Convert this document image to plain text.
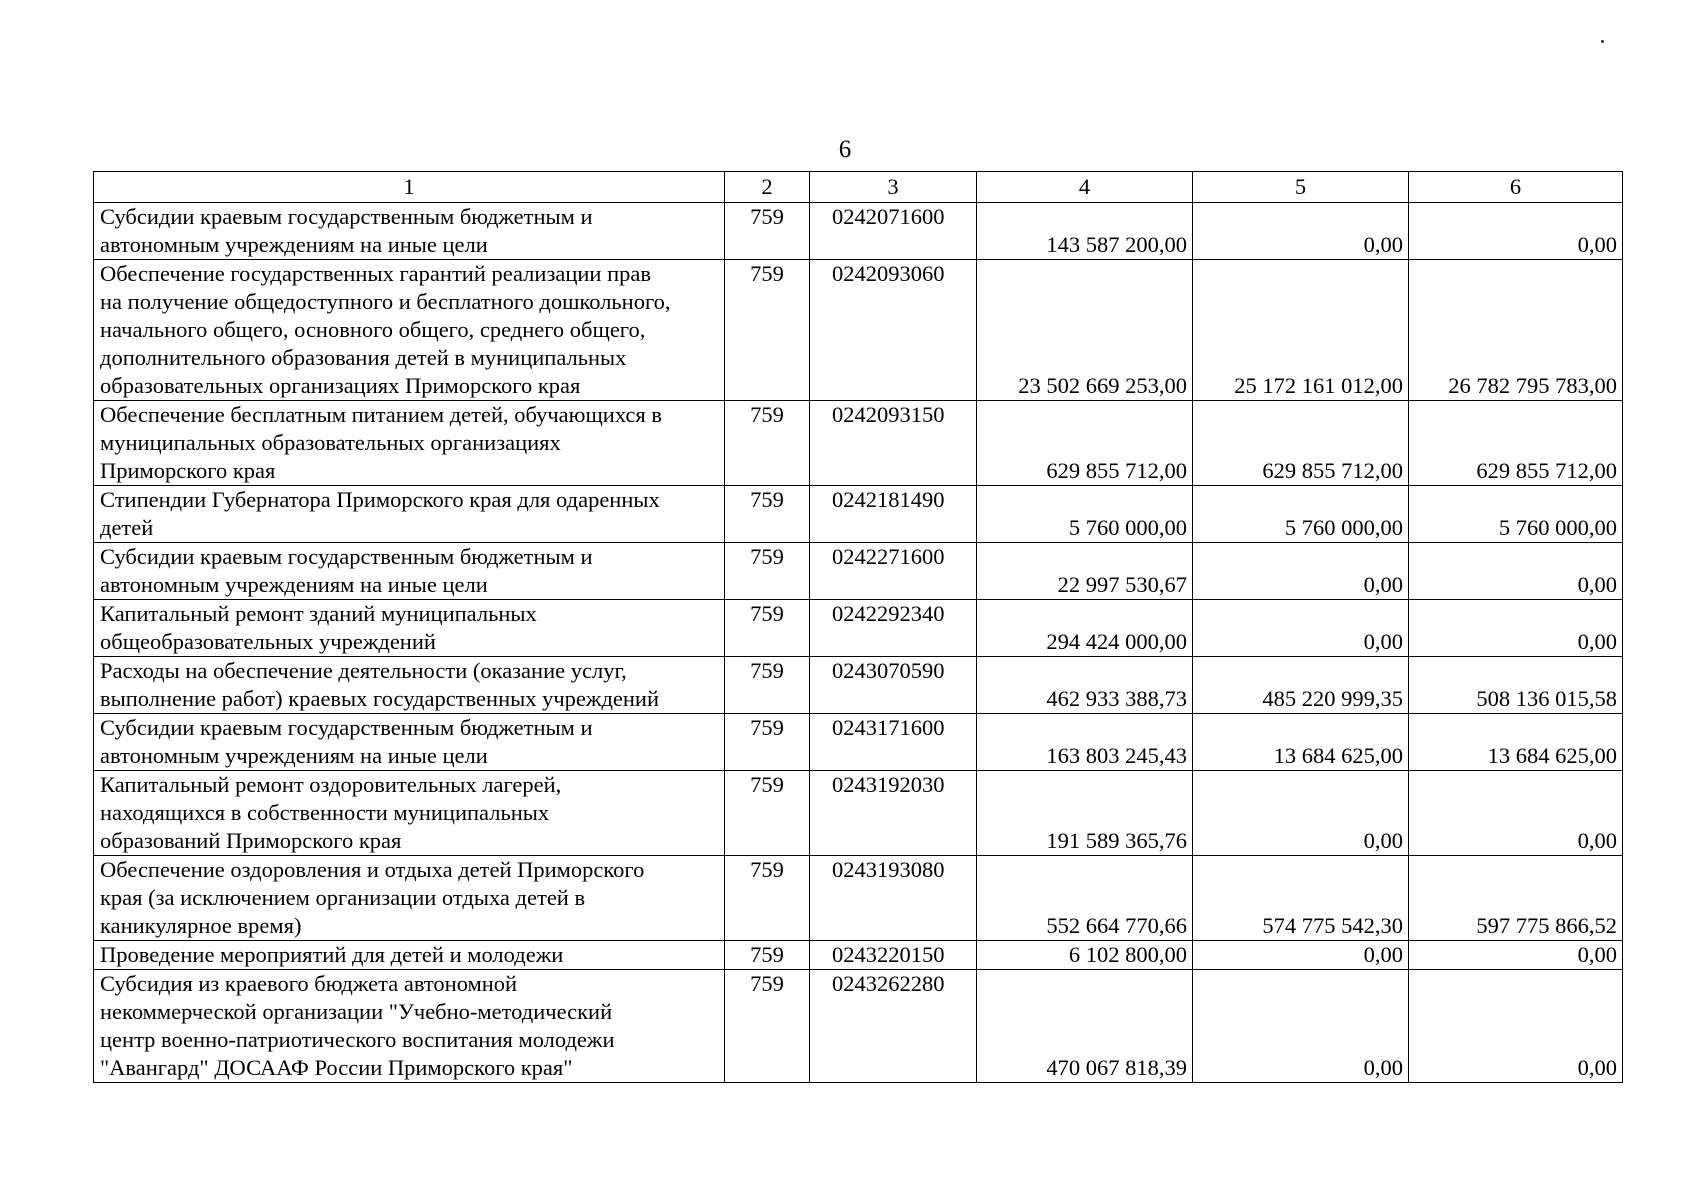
6
1	2	3	4	5	6

Субсидии краевым государственным бюджетным и
автономным учреждениям на иные цели	759	0242071600	143 587 200,00	0,00	0,00

Обеспечение государственных гарантий реализации прав
на получение общедоступного и бесплатного дошкольного,
начального общего, основного общего, среднего общего,
дополнительного образования детей в муниципальных
образовательных организациях Приморского края	759	0242093060	23 502 669 253,00	25 172 161 012,00	26 782 795 783,00

Обеспечение бесплатным питанием детей, обучающихся в
муниципальных образовательных организациях
Приморского края	759	0242093150	629 855 712,00	629 855 712,00	629 855 712,00

Стипендии Губернатора Приморского края для одаренных
детей	759	0242181490	5 760 000,00	5 760 000,00	5 760 000,00

Субсидии краевым государственным бюджетным и
автономным учреждениям на иные цели	759	0242271600	22 997 530,67	0,00	0,00

Капитальный ремонт зданий муниципальных
общеобразовательных учреждений	759	0242292340	294 424 000,00	0,00	0,00

Расходы на обеспечение деятельности (оказание услуг,
выполнение работ) краевых государственных учреждений	759	0243070590	462 933 388,73	485 220 999,35	508 136 015,58

Субсидии краевым государственным бюджетным и
автономным учреждениям на иные цели	759	0243171600	163 803 245,43	13 684 625,00	13 684 625,00

Капитальный ремонт оздоровительных лагерей,
находящихся в собственности муниципальных
образований Приморского края	759	0243192030	191 589 365,76	0,00	0,00

Обеспечение оздоровления и отдыха детей Приморского
края (за исключением организации отдыха детей в
каникулярное время)	759	0243193080	552 664 770,66	574 775 542,30	597 775 866,52

Проведение мероприятий для детей и молодежи	759	0243220150	6 102 800,00	0,00	0,00

Субсидия из краевого бюджета автономной
некоммерческой организации "Учебно-методический
центр военно-патриотического воспитания молодежи
"Авангард" ДОСААФ России Приморского края"	759	0243262280	470 067 818,39	0,00	0,00
